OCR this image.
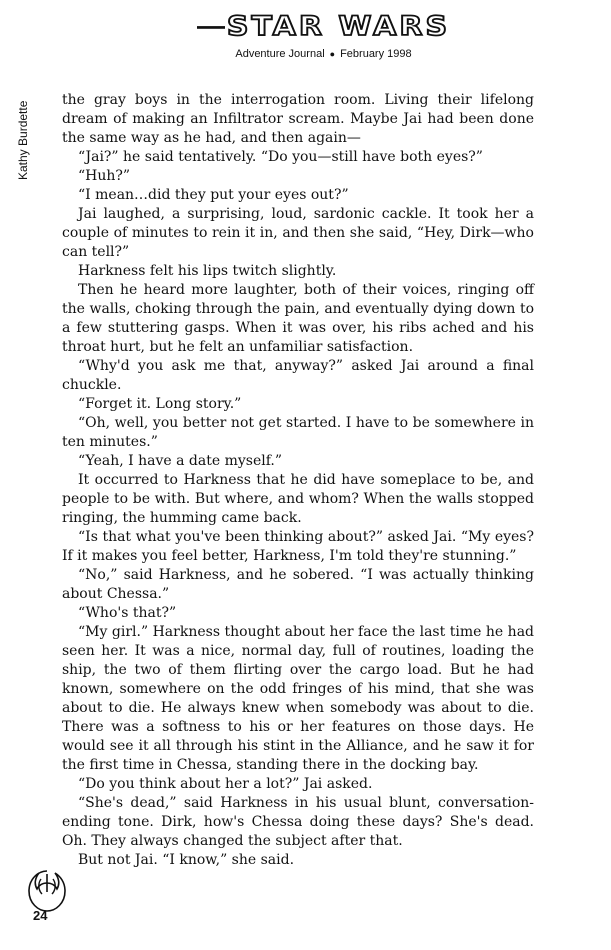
STAR WARS
Adventure Journal ● February 1998
Kathy Burdette

the gray boys in the interrogation room. Living their lifelong dream of making an Infiltrator scream. Maybe Jai had been done the same way as he had, and then again—

“Jai?” he said tentatively. “Do you—still have both eyes?”

“Huh?”

“I mean…did they put your eyes out?”

Jai laughed, a surprising, loud, sardonic cackle. It took her a couple of minutes to rein it in, and then she said, “Hey, Dirk—who can tell?”

Harkness felt his lips twitch slightly.

Then he heard more laughter, both of their voices, ringing off the walls, choking through the pain, and eventually dying down to a few stuttering gasps. When it was over, his ribs ached and his throat hurt, but he felt an unfamiliar satisfaction.

“Why'd you ask me that, anyway?” asked Jai around a final chuckle.

“Forget it. Long story.”

“Oh, well, you better not get started. I have to be somewhere in ten minutes.”

“Yeah, I have a date myself.”

It occurred to Harkness that he did have someplace to be, and people to be with. But where, and whom? When the walls stopped ringing, the humming came back.

“Is that what you've been thinking about?” asked Jai. “My eyes? If it makes you feel better, Harkness, I'm told they're stunning.”

“No,” said Harkness, and he sobered. “I was actually thinking about Chessa.”

“Who's that?”

“My girl.” Harkness thought about her face the last time he had seen her. It was a nice, normal day, full of routines, loading the ship, the two of them flirting over the cargo load. But he had known, somewhere on the odd fringes of his mind, that she was about to die. He always knew when somebody was about to die. There was a softness to his or her features on those days. He would see it all through his stint in the Alliance, and he saw it for the first time in Chessa, standing there in the docking bay.

“Do you think about her a lot?” Jai asked.

“She's dead,” said Harkness in his usual blunt, conversation-ending tone. Dirk, how's Chessa doing these days? She's dead. Oh. They always changed the subject after that.

But not Jai. “I know,” she said.

24
